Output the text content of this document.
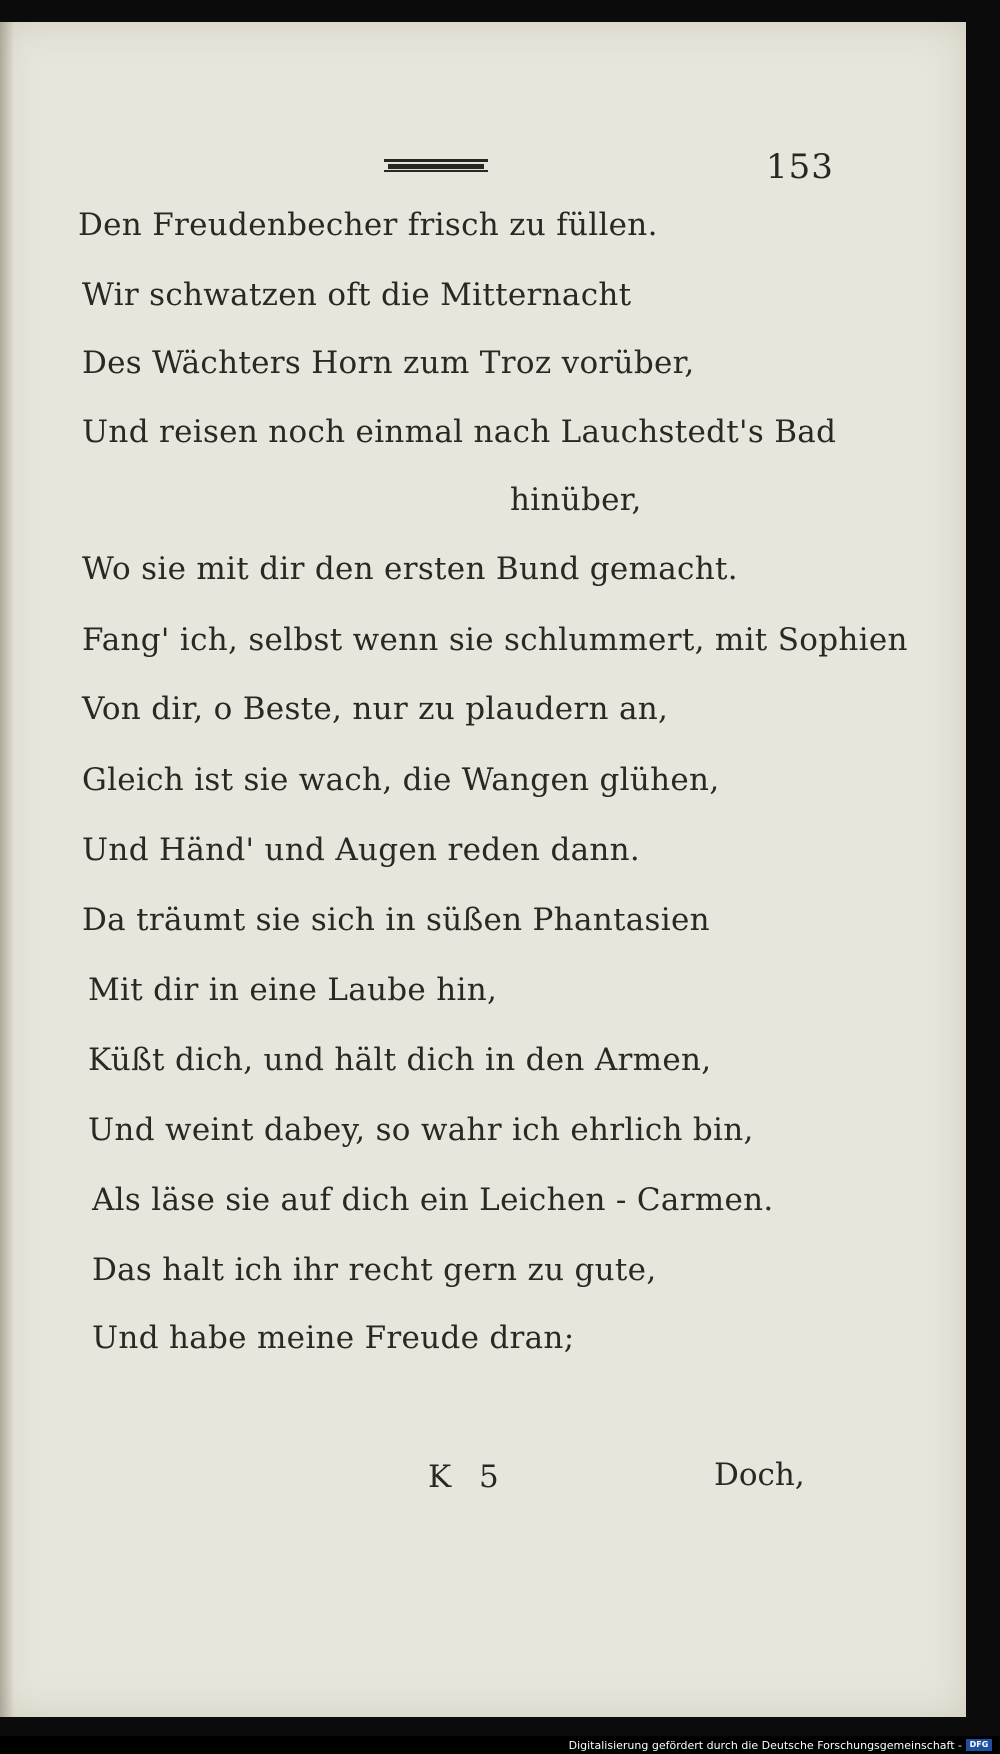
153
Den Freudenbecher frisch zu füllen.
Wir schwatzen oft die Mitternacht
Des Wächters Horn zum Troz vorüber,
Und reisen noch einmal nach Lauchstedt's Bad
hinüber,
Wo sie mit dir den ersten Bund gemacht.
Fang' ich, selbst wenn sie schlummert, mit Sophien
Von dir, o Beste, nur zu plaudern an,
Gleich ist sie wach, die Wangen glühen,
Und Händ' und Augen reden dann.
Da träumt sie sich in süßen Phantasien
Mit dir in eine Laube hin,
Küßt dich, und hält dich in den Armen,
Und weint dabey, so wahr ich ehrlich bin,
Als läse sie auf dich ein Leichen - Carmen.
Das halt ich ihr recht gern zu gute,
Und habe meine Freude dran;
K 5	Doch,
Digitalisierung gefördert durch die Deutsche Forschungsgemeinschaft - DFG
